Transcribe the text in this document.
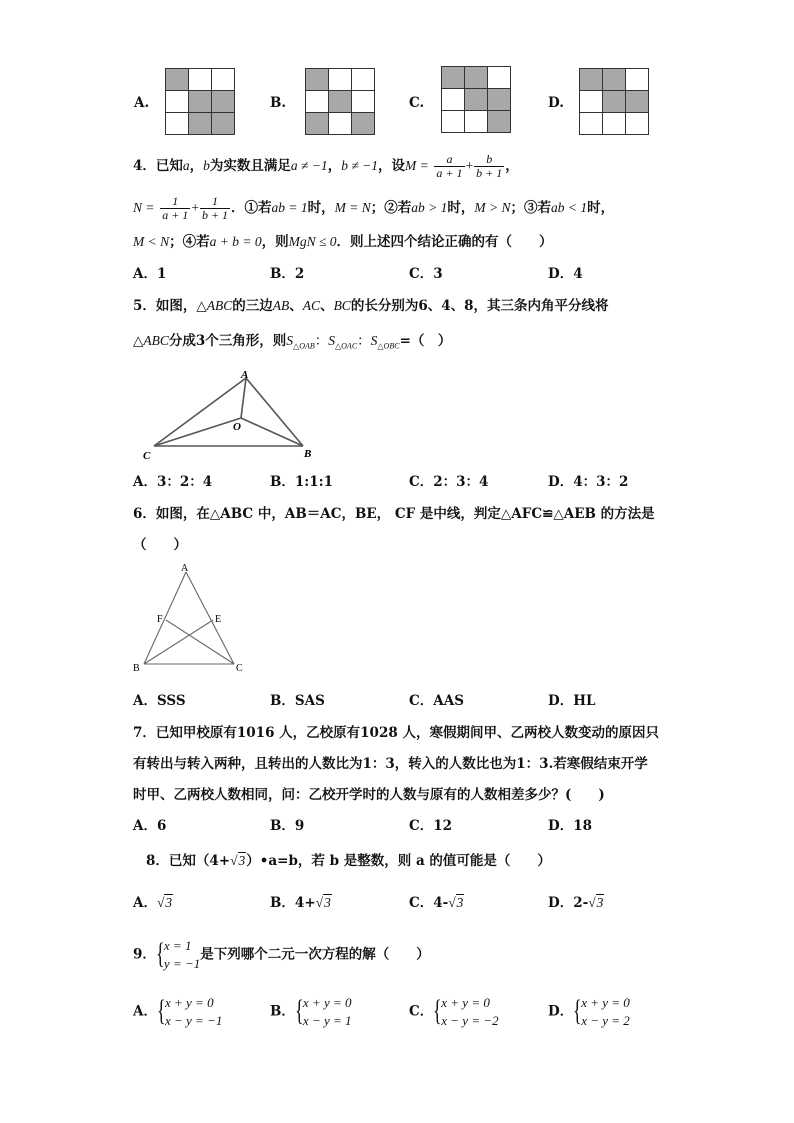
A.	B.	C.	D.
4．已知a，b为实数且满足a ≠ −1，b ≠ −1，设$M = \frac{a}{a + 1} + \frac{b}{b + 1}$ ，
$N = \frac{1}{a + 1} + \frac{1}{b + 1}$ ．①若ab = 1时，M = N；②若ab > 1时，M > N；③若ab < 1时，
M < N；④若a + b = 0，则MgN ≤ 0．则上述四个结论正确的有（　　）
A．1	B．2	C．3	D．4
5．如图，△ABC的三边AB、AC、BC的长分别为6、4、8，其三条内角平分线将
△ABC分成3个三角形，则$S_{\triangle OAB}$：$S_{\triangle OAC}$：$S_{\triangle OBC}=$（　）
A
B
C
O
A．3：2：4	B．1:1:1	C．2：3：4	D．4：3：2
6．如图，在△ABC 中，AB＝AC，BE， CF 是中线，判定△AFC≌△AEB 的方法是
（　　）
A
B	C
E
F
A．SSS	B．SAS	C．AAS	D．HL
7．已知甲校原有1016 人，乙校原有1028 人，寒假期间甲、乙两校人数变动的原因只
有转出与转入两种，且转出的人数比为1：3，转入的人数比也为1：3.若寒假结束开学
时甲、乙两校人数相同，问：乙校开学时的人数与原有的人数相差多少？(　　)
A．6	B．9	C．12	D．18
8．已知（4+√3）•a=b，若 b 是整数，则 a 的值可能是（　　）
A．√3	B．4+√3	C．4-√3	D．2-√3
9． { x = 1
y = −1
是下列哪个二元一次方程的解（　　）
A． { x + y = 0
x − y = −1
B． { x + y = 0
x − y = 1
C． { x + y = 0
x − y = −2
D． { x + y = 0
x − y = 2
